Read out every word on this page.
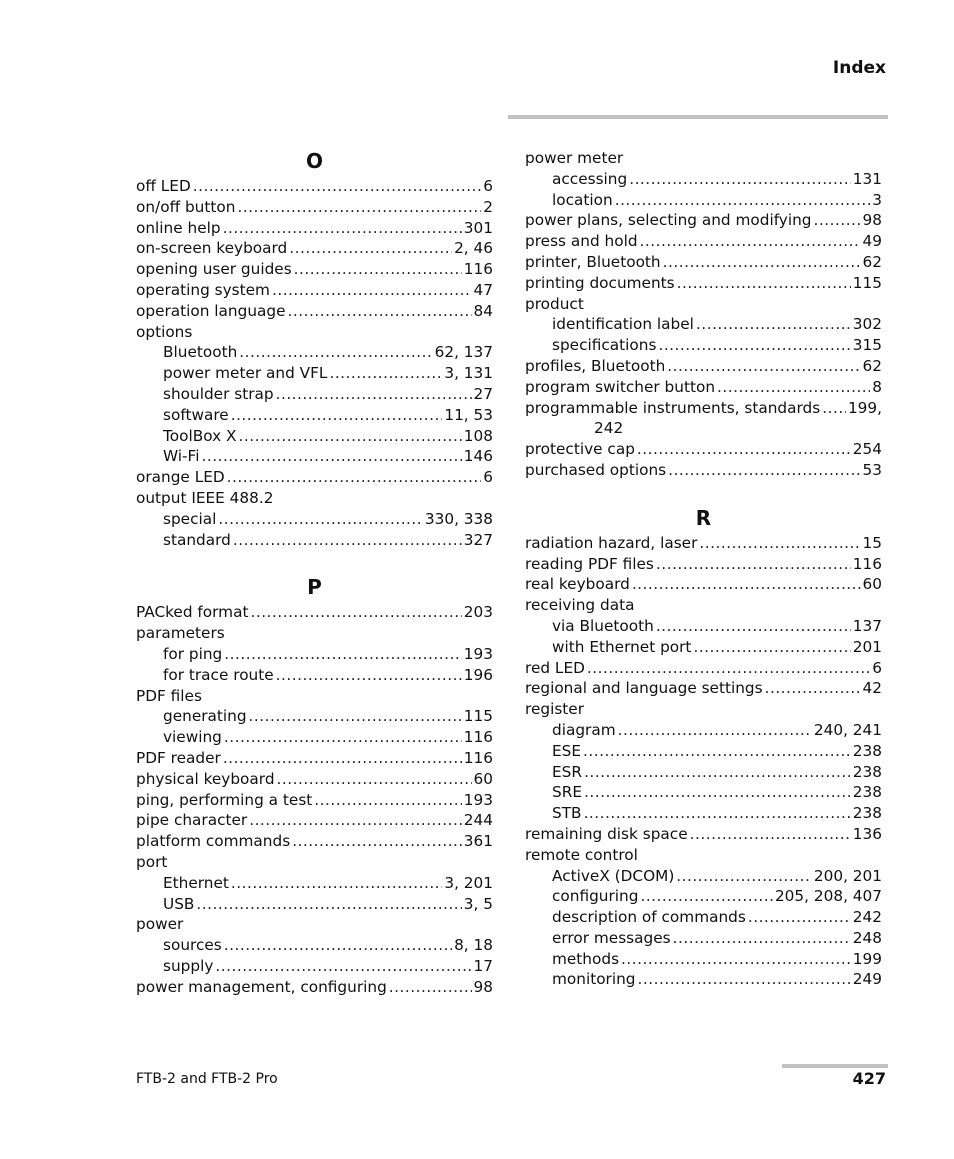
Index
O
off LED .....	6
on/off button .....	2
online help .....	301
on-screen keyboard .....	2, 46
opening user guides .....	116
operating system .....	47
operation language .....	84
options
Bluetooth .....	62, 137
power meter and VFL .....	3, 131
shoulder strap .....	27
software .....	11, 53
ToolBox X .....	108
Wi-Fi .....	146
orange LED .....	6
output IEEE 488.2
special .....	330, 338
standard .....	327
P
PACked format .....	203
parameters
for ping .....	193
for trace route .....	196
PDF files
generating .....	115
viewing .....	116
PDF reader .....	116
physical keyboard .....	60
ping, performing a test .....	193
pipe character .....	244
platform commands .....	361
port
Ethernet .....	3, 201
USB .....	3, 5
power
sources .....	8, 18
supply .....	17
power management, configuring .....	98
power meter
accessing .....	131
location .....	3
power plans, selecting and modifying .....	98
press and hold .....	49
printer, Bluetooth .....	62
printing documents .....	115
product
identification label .....	302
specifications .....	315
profiles, Bluetooth .....	62
program switcher button .....	8
programmable instruments, standards ..... 199,
242
protective cap .....	254
purchased options .....	53
R
radiation hazard, laser .....	15
reading PDF files .....	116
real keyboard .....	60
receiving data
via Bluetooth .....	137
with Ethernet port .....	201
red LED .....	6
regional and language settings .....	42
register
diagram .....	240, 241
ESE .....	238
ESR .....	238
SRE .....	238
STB .....	238
remaining disk space .....	136
remote control
ActiveX (DCOM) .....	200, 201
configuring .....	205, 208, 407
description of commands .....	242
error messages .....	248
methods .....	199
monitoring .....	249
FTB-2 and FTB-2 Pro	427
